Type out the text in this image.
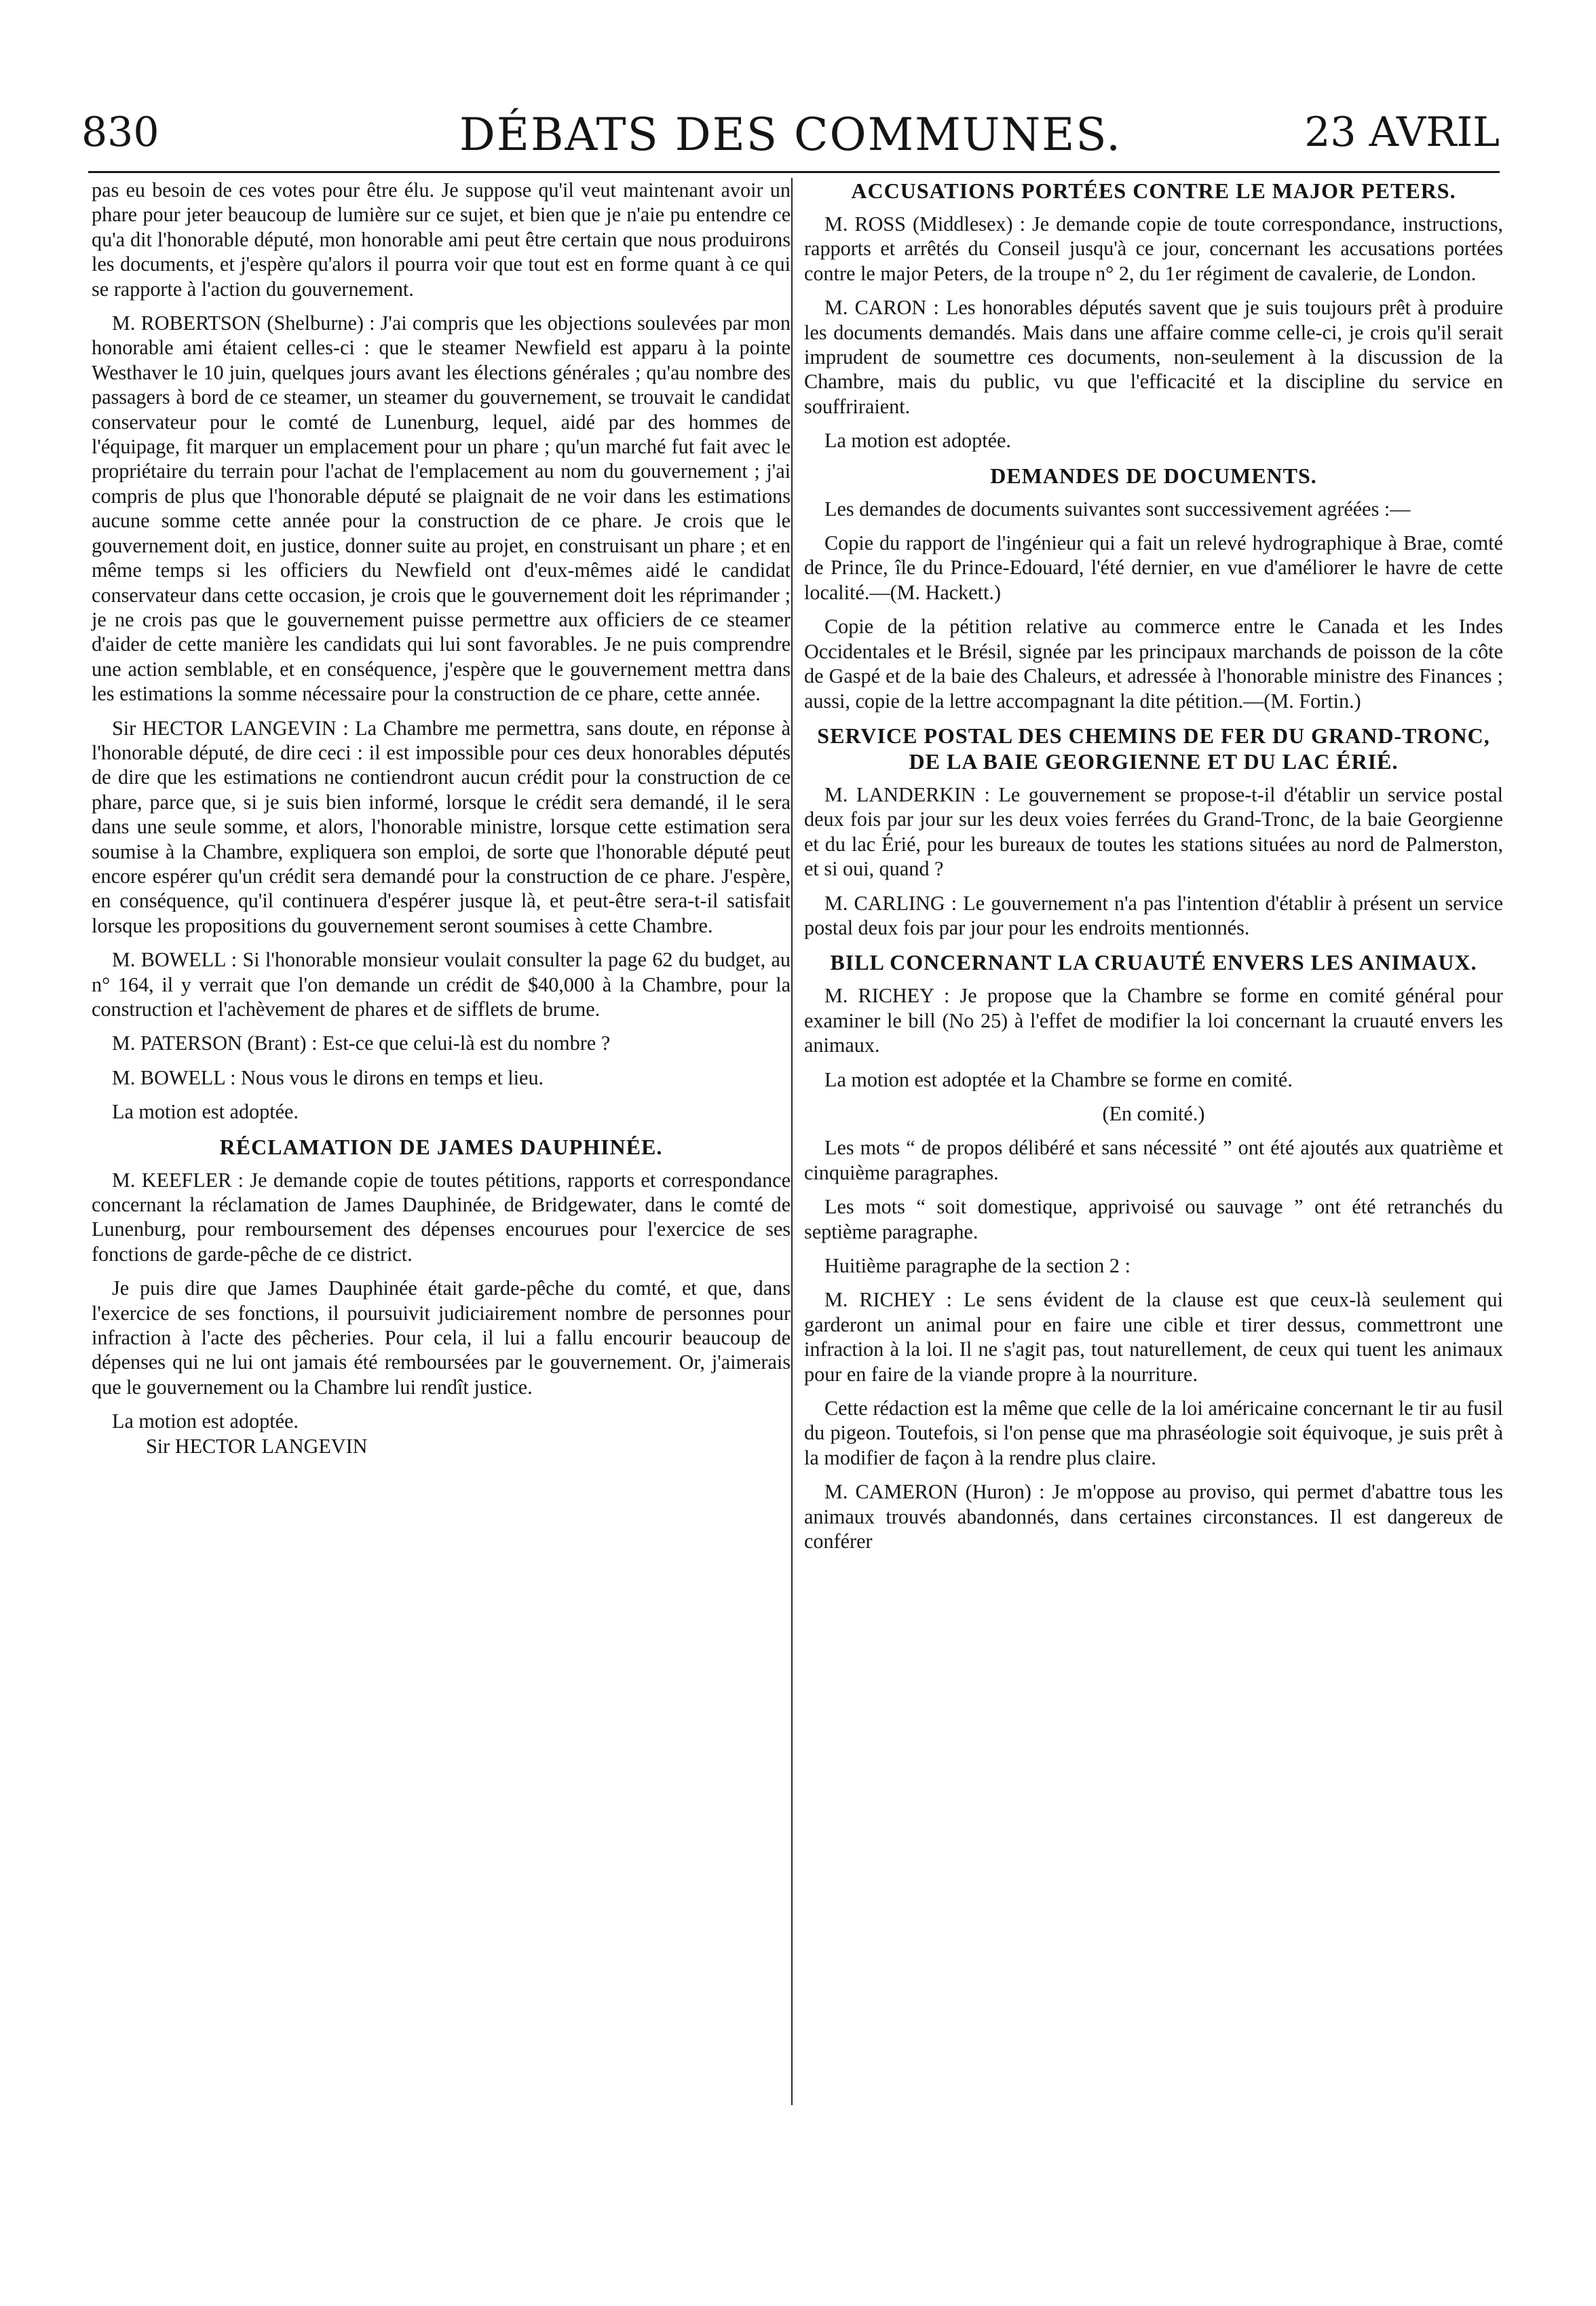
830	DÉBATS DES COMMUNES.	23 AVRIL

pas eu besoin de ces votes pour être élu. Je suppose qu'il veut maintenant avoir un phare pour jeter beaucoup de lumière sur ce sujet, et bien que je n'aie pu entendre ce qu'a dit l'honorable député, mon honorable ami peut être certain que nous produirons les documents, et j'espère qu'alors il pourra voir que tout est en forme quant à ce qui se rapporte à l'action du gouvernement.

M. ROBERTSON (Shelburne) : J'ai compris que les objections soulevées par mon honorable ami étaient celles-ci : que le steamer Newfield est apparu à la pointe Westhaver le 10 juin, quelques jours avant les élections générales ; qu'au nombre des passagers à bord de ce steamer, un steamer du gouvernement, se trouvait le candidat conservateur pour le comté de Lunenburg, lequel, aidé par des hommes de l'équipage, fit marquer un emplacement pour un phare ; qu'un marché fut fait avec le propriétaire du terrain pour l'achat de l'emplacement au nom du gouvernement ; j'ai compris de plus que l'honorable député se plaignait de ne voir dans les estimations aucune somme cette année pour la construction de ce phare. Je crois que le gouvernement doit, en justice, donner suite au projet, en construisant un phare ; et en même temps si les officiers du Newfield ont d'eux-mêmes aidé le candidat conservateur dans cette occasion, je crois que le gouvernement doit les réprimander ; je ne crois pas que le gouvernement puisse permettre aux officiers de ce steamer d'aider de cette manière les candidats qui lui sont favorables. Je ne puis comprendre une action semblable, et en conséquence, j'espère que le gouvernement mettra dans les estimations la somme nécessaire pour la construction de ce phare, cette année.

Sir HECTOR LANGEVIN : La Chambre me permettra, sans doute, en réponse à l'honorable député, de dire ceci : il est impossible pour ces deux honorables députés de dire que les estimations ne contiendront aucun crédit pour la construction de ce phare, parce que, si je suis bien informé, lorsque le crédit sera demandé, il le sera dans une seule somme, et alors, l'honorable ministre, lorsque cette estimation sera soumise à la Chambre, expliquera son emploi, de sorte que l'honorable député peut encore espérer qu'un crédit sera demandé pour la construction de ce phare. J'espère, en conséquence, qu'il continuera d'espérer jusque là, et peut-être sera-t-il satisfait lorsque les propositions du gouvernement seront soumises à cette Chambre.

M. BOWELL : Si l'honorable monsieur voulait consulter la page 62 du budget, au n° 164, il y verrait que l'on demande un crédit de $40,000 à la Chambre, pour la construction et l'achèvement de phares et de sifflets de brume.

M. PATERSON (Brant) : Est-ce que celui-là est du nombre ?

M. BOWELL : Nous vous le dirons en temps et lieu.

La motion est adoptée.

RÉCLAMATION DE JAMES DAUPHINÉE.

M. KEEFLER : Je demande copie de toutes pétitions, rapports et correspondance concernant la réclamation de James Dauphinée, de Bridgewater, dans le comté de Lunenburg, pour remboursement des dépenses encourues pour l'exercice de ses fonctions de garde-pêche de ce district.

Je puis dire que James Dauphinée était garde-pêche du comté, et que, dans l'exercice de ses fonctions, il poursuivit judiciairement nombre de personnes pour infraction à l'acte des pêcheries. Pour cela, il lui a fallu encourir beaucoup de dépenses qui ne lui ont jamais été remboursées par le gouvernement. Or, j'aimerais que le gouvernement ou la Chambre lui rendît justice.

La motion est adoptée.

Sir HECTOR LANGEVIN

ACCUSATIONS PORTÉES CONTRE LE MAJOR PETERS.

M. ROSS (Middlesex) : Je demande copie de toute correspondance, instructions, rapports et arrêtés du Conseil jusqu'à ce jour, concernant les accusations portées contre le major Peters, de la troupe n° 2, du 1er régiment de cavalerie, de London.

M. CARON : Les honorables députés savent que je suis toujours prêt à produire les documents demandés. Mais dans une affaire comme celle-ci, je crois qu'il serait imprudent de soumettre ces documents, non-seulement à la discussion de la Chambre, mais du public, vu que l'efficacité et la discipline du service en souffriraient.

La motion est adoptée.

DEMANDES DE DOCUMENTS.

Les demandes de documents suivantes sont successivement agréées :—

Copie du rapport de l'ingénieur qui a fait un relevé hydrographique à Brae, comté de Prince, île du Prince-Edouard, l'été dernier, en vue d'améliorer le havre de cette localité.—(M. Hackett.)

Copie de la pétition relative au commerce entre le Canada et les Indes Occidentales et le Brésil, signée par les principaux marchands de poisson de la côte de Gaspé et de la baie des Chaleurs, et adressée à l'honorable ministre des Finances ; aussi, copie de la lettre accompagnant la dite pétition.—(M. Fortin.)

SERVICE POSTAL DES CHEMINS DE FER DU GRAND-TRONC, DE LA BAIE GEORGIENNE ET DU LAC ÉRIÉ.

M. LANDERKIN : Le gouvernement se propose-t-il d'établir un service postal deux fois par jour sur les deux voies ferrées du Grand-Tronc, de la baie Georgienne et du lac Érié, pour les bureaux de toutes les stations situées au nord de Palmerston, et si oui, quand ?

M. CARLING : Le gouvernement n'a pas l'intention d'établir à présent un service postal deux fois par jour pour les endroits mentionnés.

BILL CONCERNANT LA CRUAUTÉ ENVERS LES ANIMAUX.

M. RICHEY : Je propose que la Chambre se forme en comité général pour examiner le bill (No 25) à l'effet de modifier la loi concernant la cruauté envers les animaux.

La motion est adoptée et la Chambre se forme en comité.

(En comité.)

Les mots “ de propos délibéré et sans nécessité ” ont été ajoutés aux quatrième et cinquième paragraphes.

Les mots “ soit domestique, apprivoisé ou sauvage ” ont été retranchés du septième paragraphe.

Huitième paragraphe de la section 2 :

M. RICHEY : Le sens évident de la clause est que ceux-là seulement qui garderont un animal pour en faire une cible et tirer dessus, commettront une infraction à la loi. Il ne s'agit pas, tout naturellement, de ceux qui tuent les animaux pour en faire de la viande propre à la nourriture.

Cette rédaction est la même que celle de la loi américaine concernant le tir au fusil du pigeon. Toutefois, si l'on pense que ma phraséologie soit équivoque, je suis prêt à la modifier de façon à la rendre plus claire.

M. CAMERON (Huron) : Je m'oppose au proviso, qui permet d'abattre tous les animaux trouvés abandonnés, dans certaines circonstances. Il est dangereux de conférer
